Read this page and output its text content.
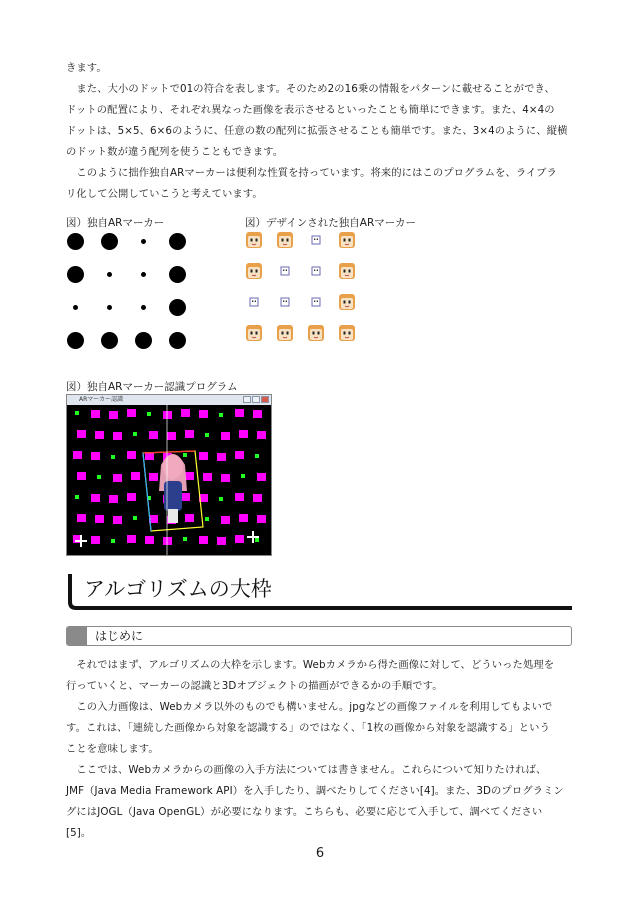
きます。
　また、大小のドットで01の符合を表します。そのため2の16乗の情報をパターンに載せることができ、
ドットの配置により、それぞれ異なった画像を表示させるといったことも簡単にできます。また、4×4の
ドットは、5×5、6×6のように、任意の数の配列に拡張させることも簡単です。また、3×4のように、縦横
のドット数が違う配列を使うこともできます。

　このように拙作独自ARマーカーは便利な性質を持っています。将来的にはこのプログラムを、ライブラ
リ化して公開していこうと考えています。

図）独自ARマーカー	図）デザインされた独自ARマーカー

図）独自ARマーカー認識プログラム

ARマーカー認識
アルゴリズムの大枠
はじめに

　それではまず、アルゴリズムの大枠を示します。Webカメラから得た画像に対して、どういった処理を
行っていくと、マーカーの認識と3Dオブジェクトの描画ができるかの手順です。
　この入力画像は、Webカメラ以外のものでも構いません。jpgなどの画像ファイルを利用してもよいで
す。これは、「連続した画像から対象を認識する」のではなく、「1枚の画像から対象を認識する」という
ことを意味します。

　ここでは、Webカメラからの画像の入手方法については書きません。これらについて知りたければ、
JMF（Java Media Framework API）を入手したり、調べたりしてください[4]。また、3Dのプログラミン
グにはJOGL（Java OpenGL）が必要になります。こちらも、必要に応じて入手して、調べてください
[5]。

6
